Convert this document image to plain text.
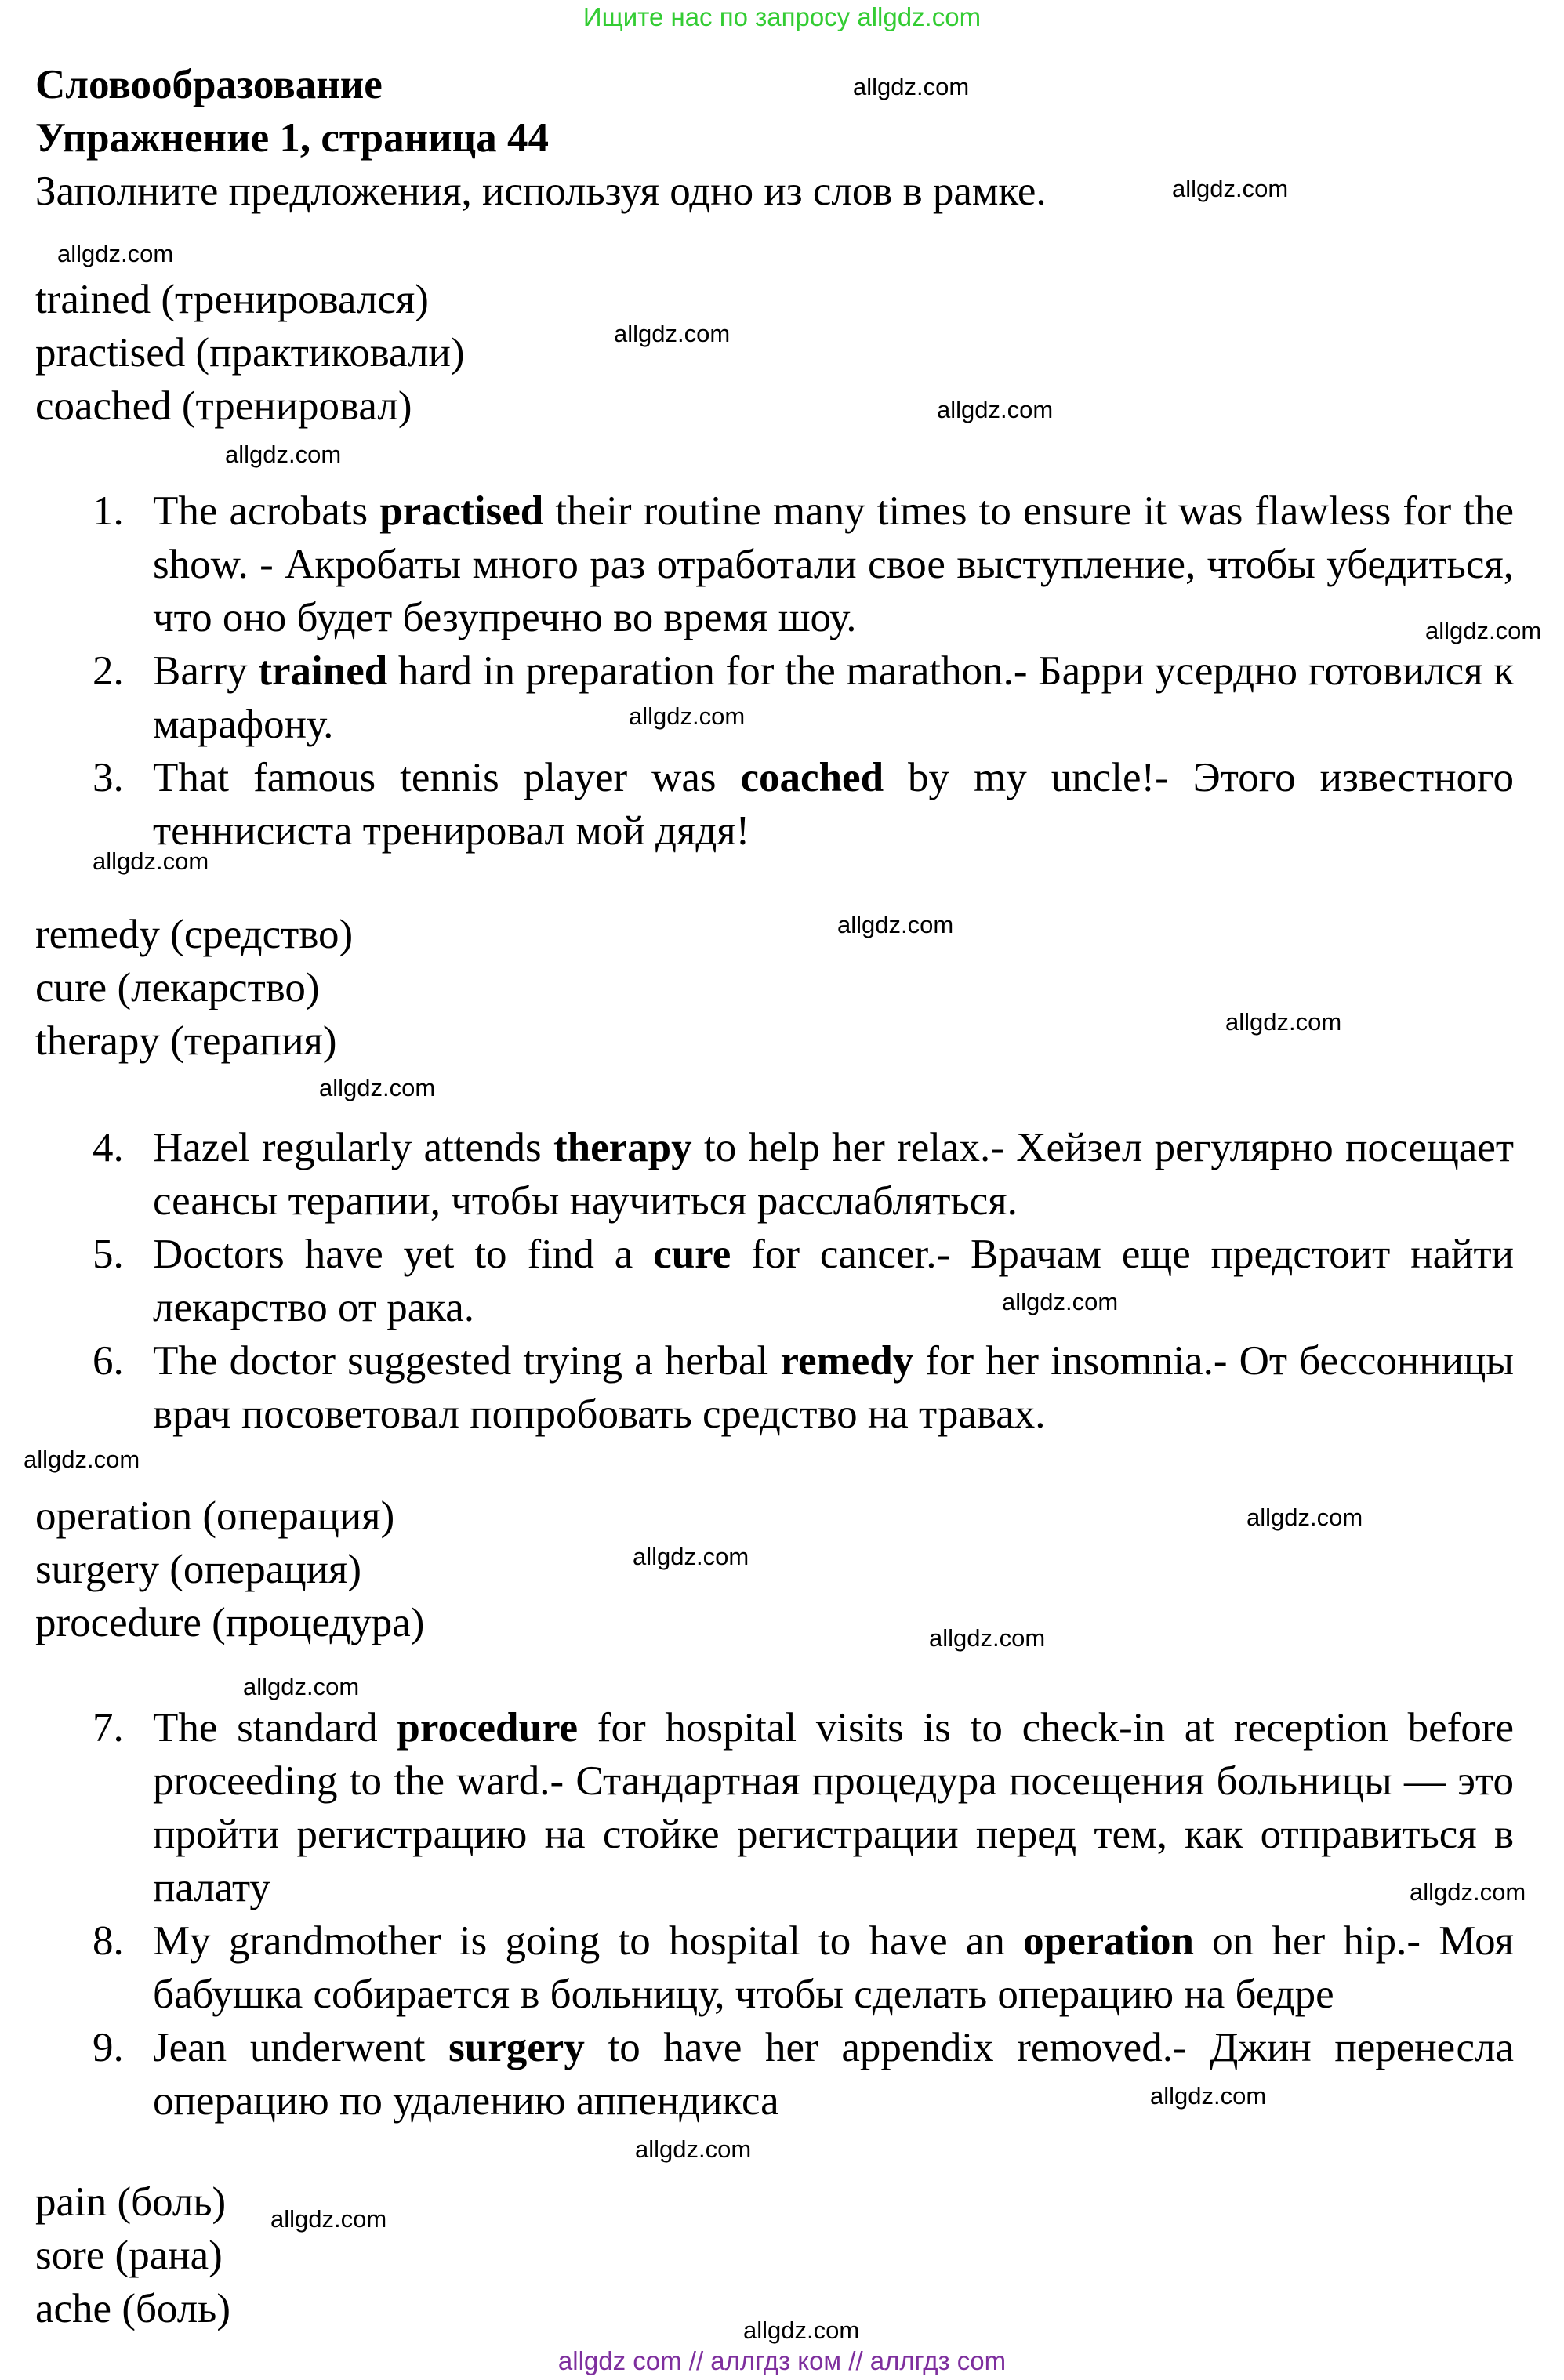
Ищите нас по запросу allgdz.com
Словообразование
Упражнение 1, страница 44
Заполните предложения, используя одно из слов в рамке.
trained (тренировался)
practised (практиковали)
coached (тренировал)
1. The acrobats practised their routine many times to ensure it was flawless for the show. - Акробаты много раз отработали свое выступление, чтобы убедиться, что оно будет безупречно во время шоу.
2. Barry trained hard in preparation for the marathon.- Барри усердно готовился к марафону.
3. That famous tennis player was coached by my uncle!- Этого известного теннисиста тренировал мой дядя!
remedy (средство)
cure (лекарство)
therapy (терапия)
4. Hazel regularly attends therapy to help her relax.- Хейзел регулярно посещает сеансы терапии, чтобы научиться расслабляться.
5. Doctors have yet to find a cure for cancer.- Врачам еще предстоит найти лекарство от рака.
6. The doctor suggested trying a herbal remedy for her insomnia.- От бессонницы врач посоветовал попробовать средство на травах.
operation (операция)
surgery (операция)
procedure (процедура)
7. The standard procedure for hospital visits is to check-in at reception before proceeding to the ward.- Стандартная процедура посещения больницы — это пройти регистрацию на стойке регистрации перед тем, как отправиться в палату
8. My grandmother is going to hospital to have an operation on her hip.- Моя бабушка собирается в больницу, чтобы сделать операцию на бедре
9. Jean underwent surgery to have her appendix removed.- Джин перенесла операцию по удалению аппендикса
pain (боль)
sore (рана)
ache (боль)
allgdz.com
allgdz.com
allgdz.com
allgdz.com
allgdz.com
allgdz.com
allgdz.com
allgdz.com
allgdz.com
allgdz.com
allgdz.com
allgdz.com
allgdz.com
allgdz.com
allgdz.com
allgdz.com
allgdz.com
allgdz.com
allgdz.com
allgdz.com
allgdz.com
allgdz.com
allgdz.com
allgdz com // аллгдз ком // аллгдз com
